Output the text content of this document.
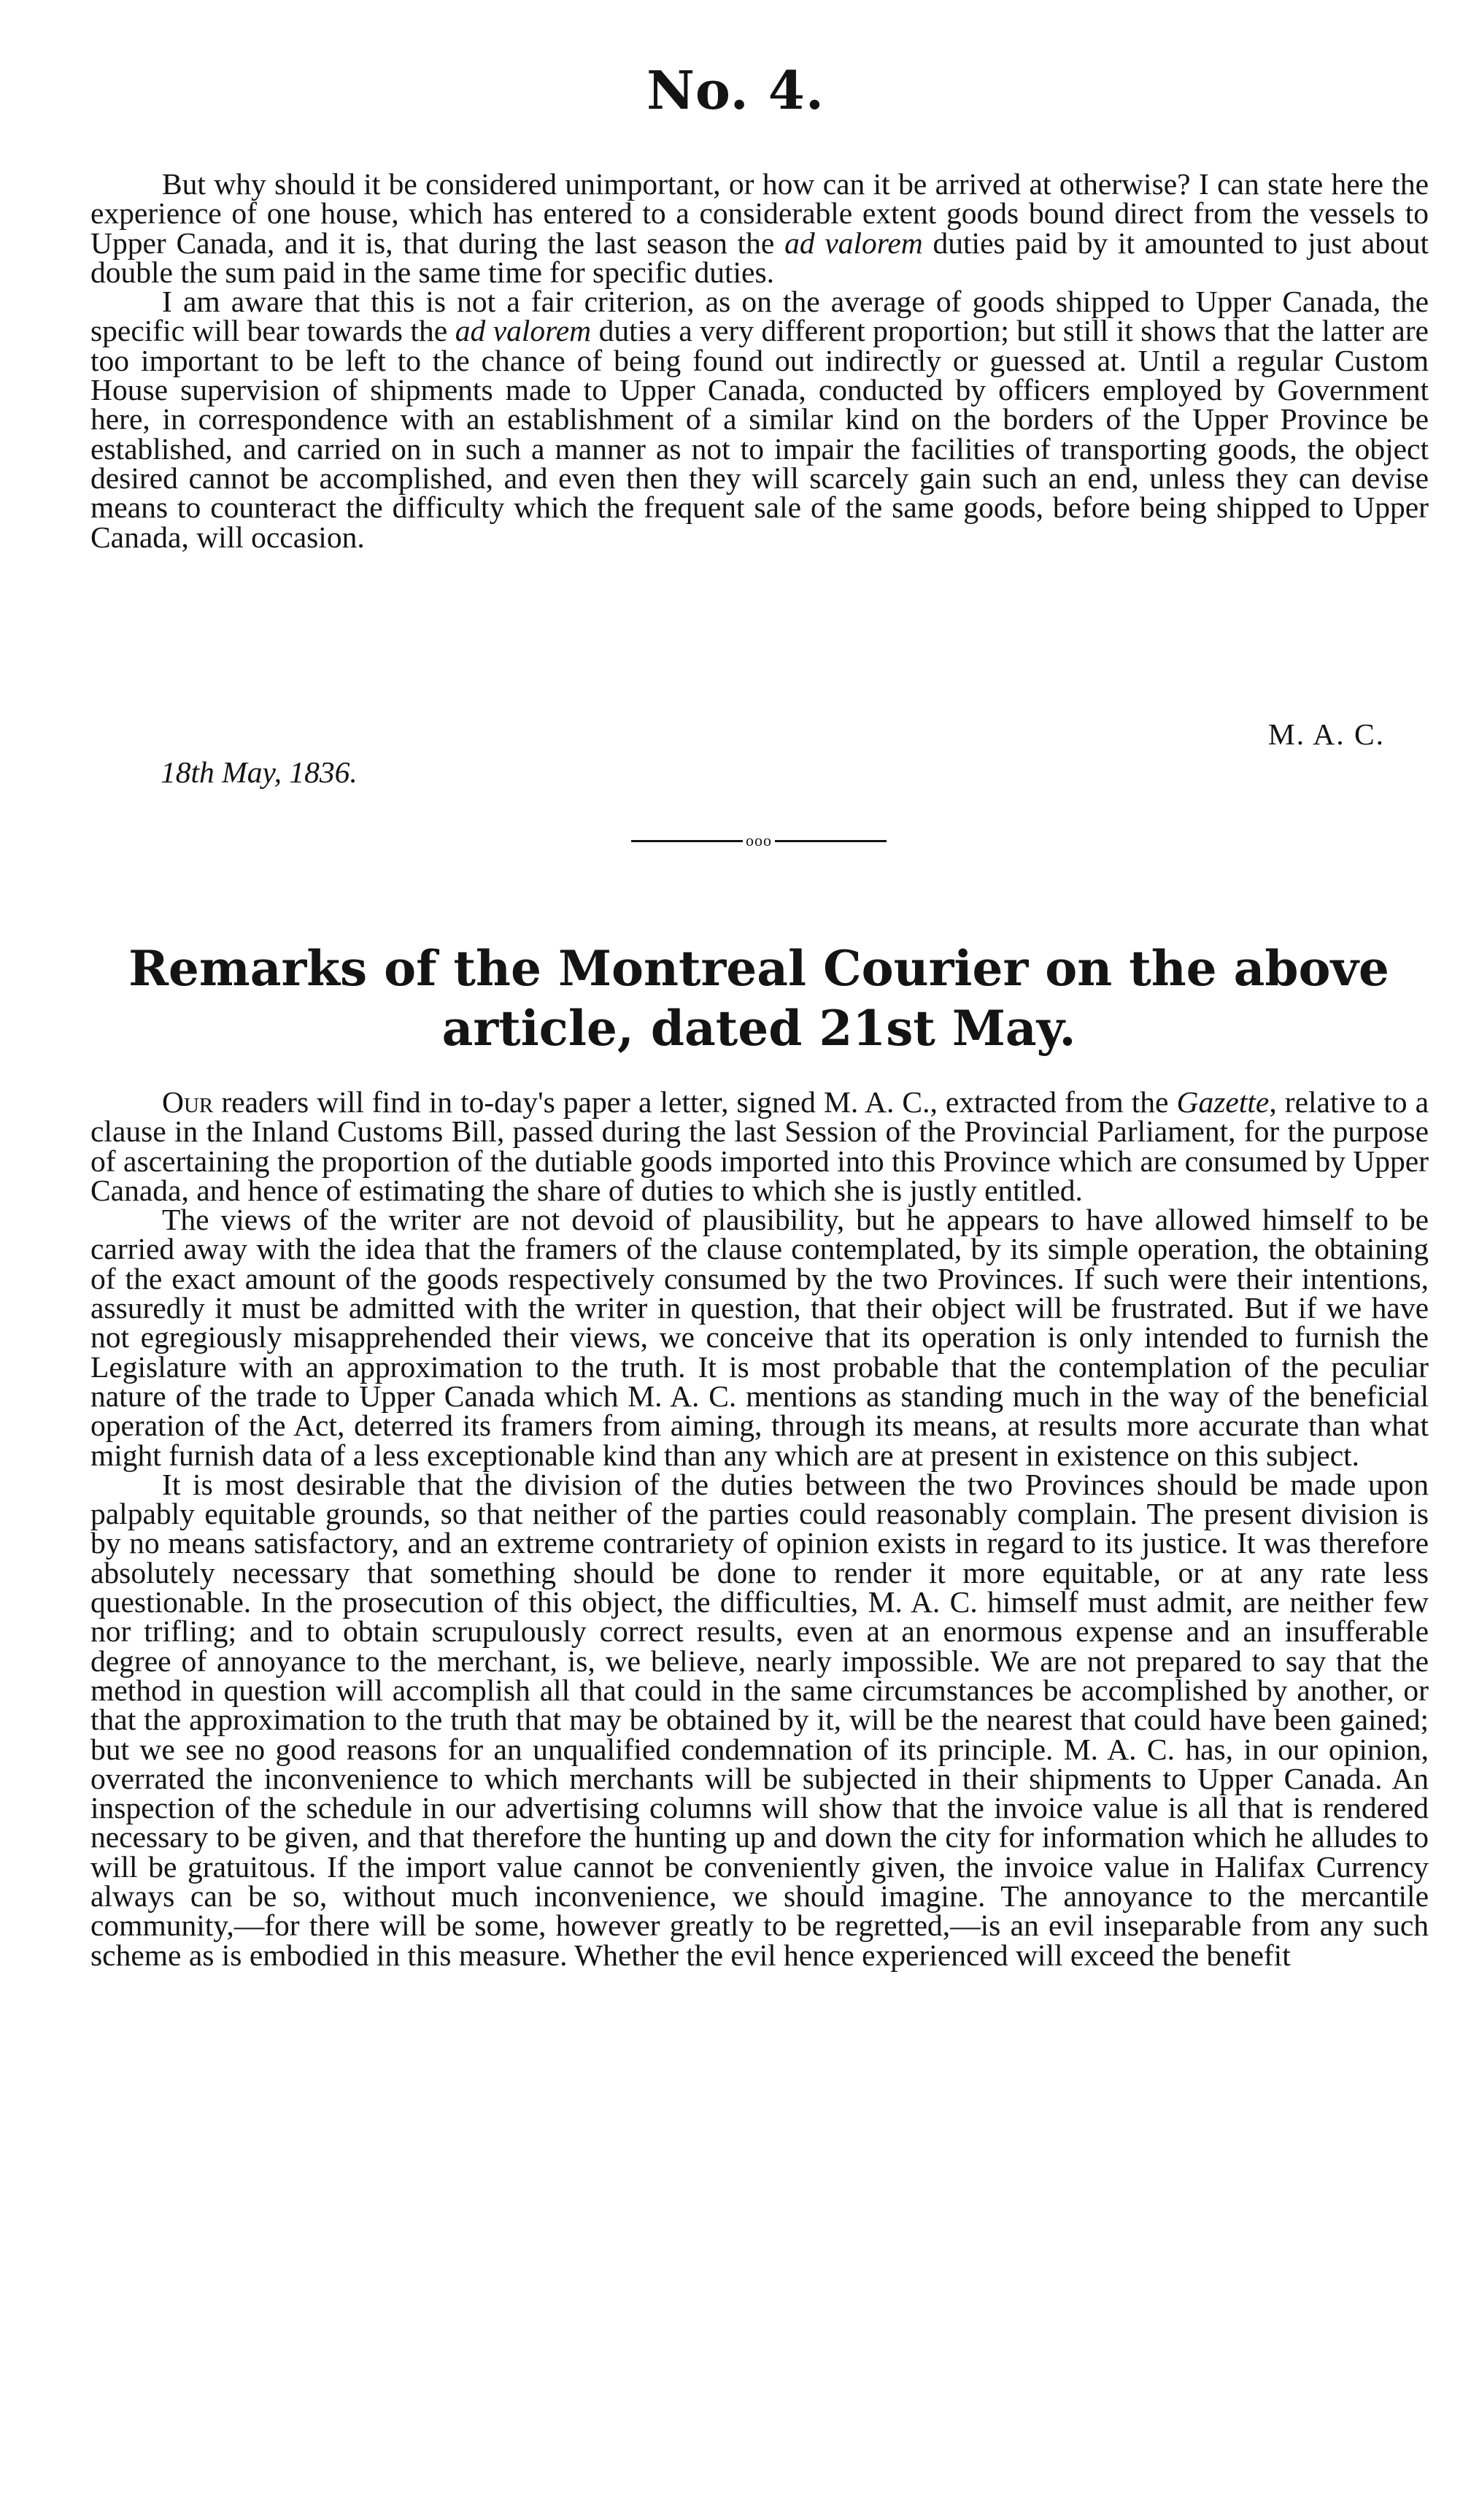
No. 4.

But why should it be considered unimportant, or how can it be arrived at otherwise? I can state here the experience of one house, which has entered to a considerable extent goods bound direct from the vessels to Upper Canada, and it is, that during the last season the ad valorem duties paid by it amounted to just about double the sum paid in the same time for specific duties.

I am aware that this is not a fair criterion, as on the average of goods shipped to Upper Canada, the specific will bear towards the ad valorem duties a very different proportion; but still it shows that the latter are too important to be left to the chance of being found out indirectly or guessed at. Until a regular Custom House supervision of shipments made to Upper Canada, conducted by officers employed by Government here, in correspondence with an establishment of a similar kind on the borders of the Upper Province be established, and carried on in such a manner as not to impair the facilities of transporting goods, the object desired cannot be accomplished, and even then they will scarcely gain such an end, unless they can devise means to counteract the difficulty which the frequent sale of the same goods, before being shipped to Upper Canada, will occasion.

M. A. C.
18th May, 1836.
ooo
Remarks of the Montreal Courier on the above
article, dated 21st May.

Our readers will find in to-day's paper a letter, signed M. A. C., extracted from the Gazette, relative to a clause in the Inland Customs Bill, passed during the last Session of the Provincial Parliament, for the purpose of ascertaining the proportion of the dutiable goods imported into this Province which are consumed by Upper Canada, and hence of estimating the share of duties to which she is justly entitled.

The views of the writer are not devoid of plausibility, but he appears to have allowed himself to be carried away with the idea that the framers of the clause contemplated, by its simple operation, the obtaining of the exact amount of the goods respectively consumed by the two Provinces. If such were their intentions, assuredly it must be admitted with the writer in question, that their object will be frustrated. But if we have not egregiously misapprehended their views, we conceive that its operation is only intended to furnish the Legislature with an approximation to the truth. It is most probable that the contemplation of the peculiar nature of the trade to Upper Canada which M. A. C. mentions as standing much in the way of the beneficial operation of the Act, deterred its framers from aiming, through its means, at results more accurate than what might furnish data of a less exceptionable kind than any which are at present in existence on this subject.

It is most desirable that the division of the duties between the two Provinces should be made upon palpably equitable grounds, so that neither of the parties could reasonably complain. The present division is by no means satisfactory, and an extreme contrariety of opinion exists in regard to its justice. It was therefore absolutely necessary that something should be done to render it more equitable, or at any rate less questionable. In the prosecution of this object, the difficulties, M. A. C. himself must admit, are neither few nor trifling; and to obtain scrupulously correct results, even at an enormous expense and an insufferable degree of annoyance to the merchant, is, we believe, nearly impossible. We are not prepared to say that the method in question will accomplish all that could in the same circumstances be accomplished by another, or that the approximation to the truth that may be obtained by it, will be the nearest that could have been gained; but we see no good reasons for an unqualified condemnation of its principle. M. A. C. has, in our opinion, overrated the inconvenience to which merchants will be subjected in their shipments to Upper Canada. An inspection of the schedule in our advertising columns will show that the invoice value is all that is rendered necessary to be given, and that therefore the hunting up and down the city for information which he alludes to will be gratuitous. If the import value cannot be conveniently given, the invoice value in Halifax Currency always can be so, without much inconvenience, we should imagine. The annoyance to the mercantile community,—for there will be some, however greatly to be regretted,—is an evil inseparable from any such scheme as is embodied in this measure. Whether the evil hence experienced will exceed the benefit
